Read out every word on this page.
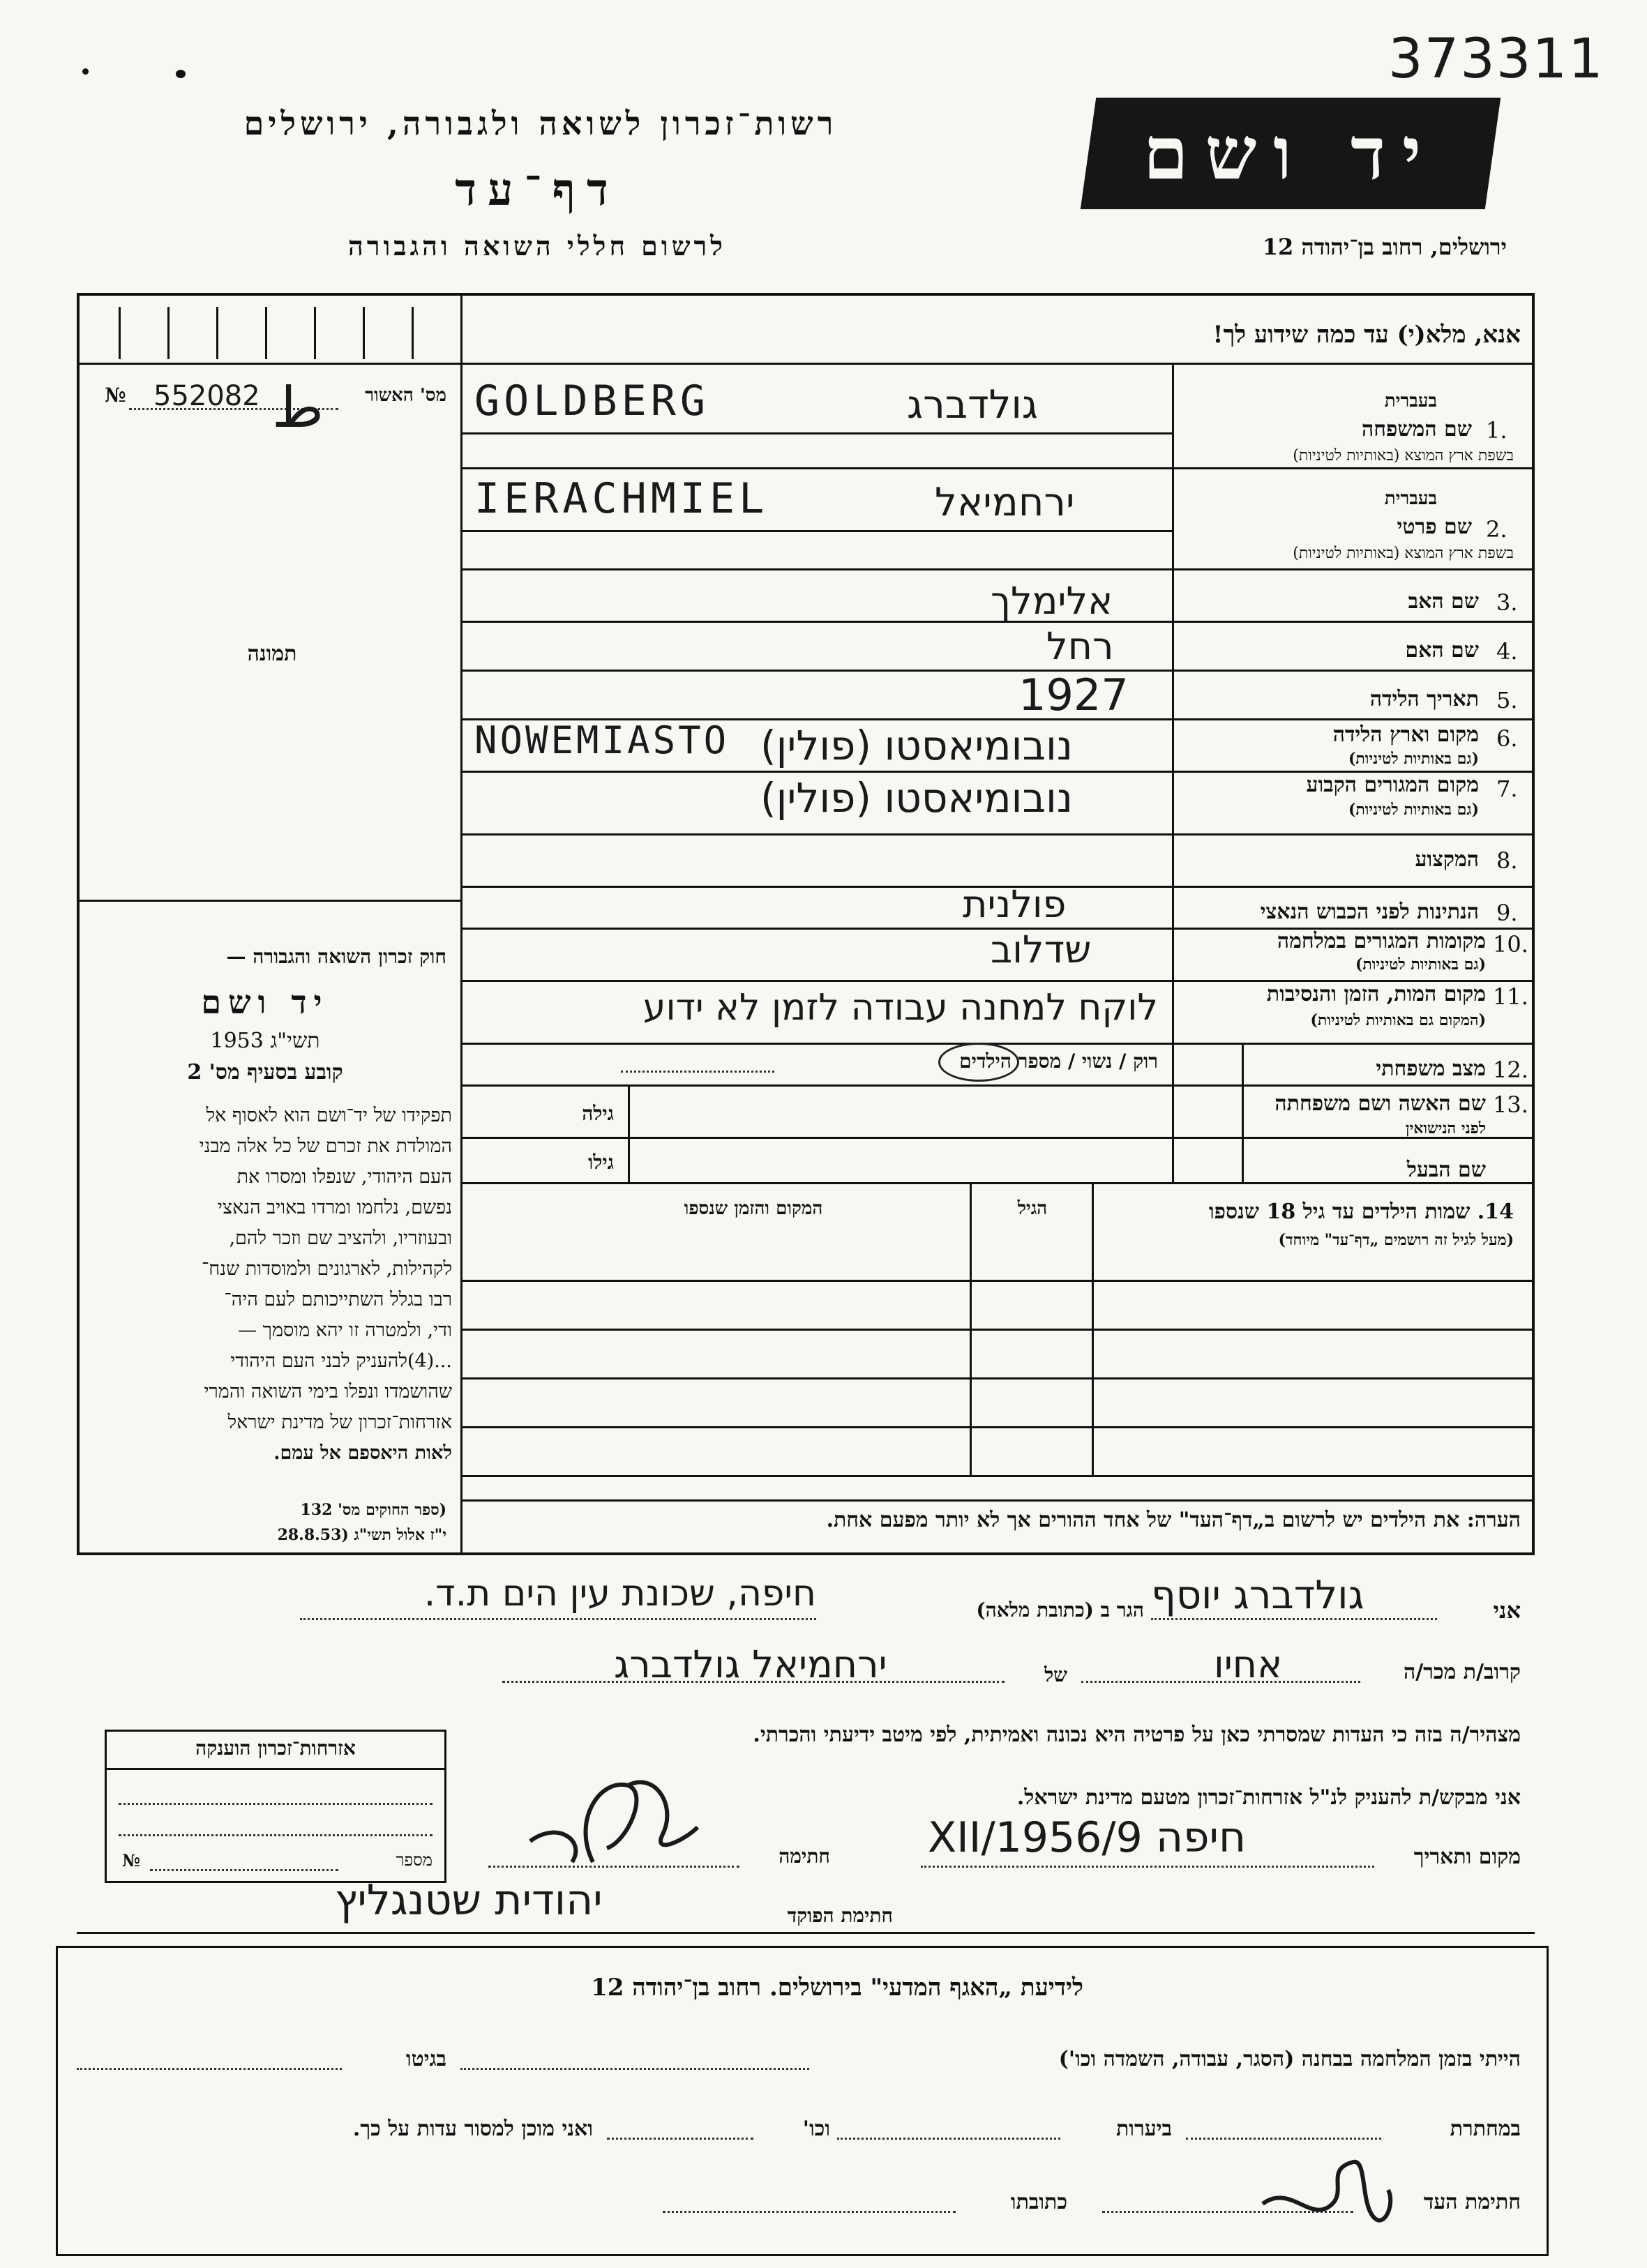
373311
רשות־זכרון לשואה ולגבורה, ירושלים
דף־עד
לרשום חללי השואה והגבורה
יד ושם
ירושלים, רחוב בן־יהודה 12
אנא, מלא(י) עד כמה שידוע לך!
מס' האשור
№ 552082 ط
תמונה
חוק זכרון השואה והגבורה —
יד ושם
תשי"ג 1953
קובע בסעיף מס' 2
תפקידו של יד־ושם הוא לאסוף אל
המולדת את זכרם של כל אלה מבני
העם היהודי, שנפלו ומסרו את
נפשם, נלחמו ומרדו באויב הנאצי
ובעוזריו, ולהציב שם וזכר להם,
לקהילות, לארגונים ולמוסדות שנח־
רבו בגלל השתייכותם לעם היה־
ודי, ולמטרה זו יהא מוסמך —
...(4)להעניק לבני העם היהודי
שהושמדו ונפלו בימי השואה והמרי
אזרחות־זכרון של מדינת ישראל
לאות היאספם אל עמם.
(ספר החוקים מס' 132
י"ז אלול תשי"ג (28.8.53
1.
שם המשפחה
בעברית
בשפת ארץ המוצא (באותיות לטיניות)
גולדברג
GOLDBERG
2.
שם פרטי
בעברית
בשפת ארץ המוצא (באותיות לטיניות)
ירחמיאל
IERACHMIEL
3.
שם האב
אלימלך
4.
שם האם
רחל
5.
תאריך הלידה
1927
6.
מקום וארץ הלידה
(גם באותיות לטיניות)
NOWEMIASTO נובומיאסטו (פולין)
7.
מקום המגורים הקבוע
(גם באותיות לטיניות)
נובומיאסטו (פולין)
8.
המקצוע
9.
הנתינות לפני הכבוש הנאצי
פולנית
10.
מקומות המגורים במלחמה
(גם באותיות לטיניות)
שדלוב
11.
מקום המות, הזמן והנסיבות
(המקום גם באותיות לטיניות)
לוקח למחנה עבודה לזמן לא ידוע
12.
מצב משפחתי
רוק / נשוי / מספר הילדים
13.
שם האשה ושם משפחתה
לפני הנישואין
גילה
גילו	שם הבעל
14. שמות הילדים עד גיל 18 שנספו
(מעל לגיל זה רושמים „דף־עד" מיוחד)
הגיל
המקום והזמן שנספו
הערה: את הילדים יש לרשום ב„דף־העד" של אחד ההורים אך לא יותר מפעם אחת.
אני
גולדברג יוסף
הגר ב (כתובת מלאה)
חיפה, שכונת עין הים ת.ד.
קרוב/ת מכר/ה
אחיו
של
ירחמיאל גולדברג
מצהיר/ה בזה כי העדות שמסרתי כאן על פרטיה היא נכונה ואמיתית, לפי מיטב ידיעתי והכרתי.
אני מבקש/ת להעניק לנ"ל אזרחות־זכרון מטעם מדינת ישראל.
מקום ותאריך
חיפה 9/XII/1956
חתימה
חתימת הפוקד
יהודית שטנגליץ
אזרחות־זכרון הוענקה
מספר
№
לידיעת „האגף המדעי" בירושלים. רחוב בן־יהודה 12
הייתי בזמן המלחמה בבחנה (הסגר, עבודה, השמדה וכו')
בגיטו
במחתרת
ביערות
וכו'
ואני מוכן למסור עדות על כך.
חתימת העד
כתובתו
